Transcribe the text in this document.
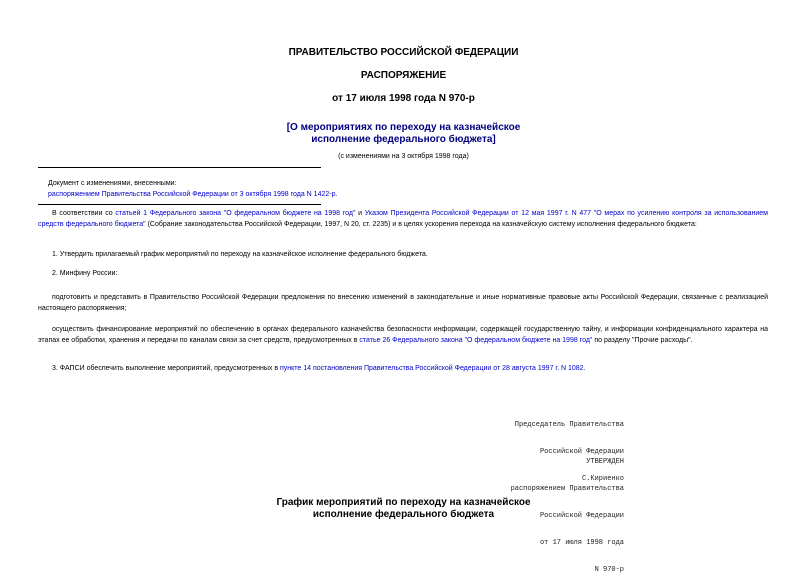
ПРАВИТЕЛЬСТВО РОССИЙСКОЙ ФЕДЕРАЦИИ
РАСПОРЯЖЕНИЕ
от 17 июля 1998 года N 970-р
[О мероприятиях по переходу на казначейское
исполнение федерального бюджета]
(с изменениями на 3 октября 1998 года)
Документ с изменениями, внесенными:
распоряжением Правительства Российской Федерации от 3 октября 1998 года N 1422-р.
В соответствии со статьей 1 Федерального закона "О федеральном бюджете на 1998 год" и Указом Президента Российской Федерации от 12 мая 1997 г. N 477 "О мерах по усилению контроля за использованием средств федерального бюджета" (Собрание законодательства Российской Федерации, 1997, N 20, ст. 2235) и в целях ускорения перехода на казначейскую систему исполнения федерального бюджета:
1. Утвердить прилагаемый график мероприятий по переходу на казначейское исполнение федерального бюджета.
2. Минфину России:
подготовить и представить в Правительство Российской Федерации предложения по внесению изменений в законодательные и иные нормативные правовые акты Российской Федерации, связанные с реализацией настоящего распоряжения;
осуществить финансирование мероприятий по обеспечению в органах федерального казначейства безопасности информации, содержащей государственную тайну, и информации конфиденциального характера на этапах ее обработки, хранения и передачи по каналам связи за счет средств, предусмотренных в статье 26 Федерального закона "О федеральном бюджете на 1998 год" по разделу "Прочие расходы".
3. ФАПСИ обеспечить выполнение мероприятий, предусмотренных в пункте 14 постановления Правительства Российской Федерации от 28 августа 1997 г. N 1082.

Председатель Правительства

Российской Федерации

С.Кириенко

УТВЕРЖДЕН

распоряжением Правительства

Российской Федерации

от 17 июля 1998 года

N 970-р

График мероприятий по переходу на казначейское
исполнение федерального бюджета
